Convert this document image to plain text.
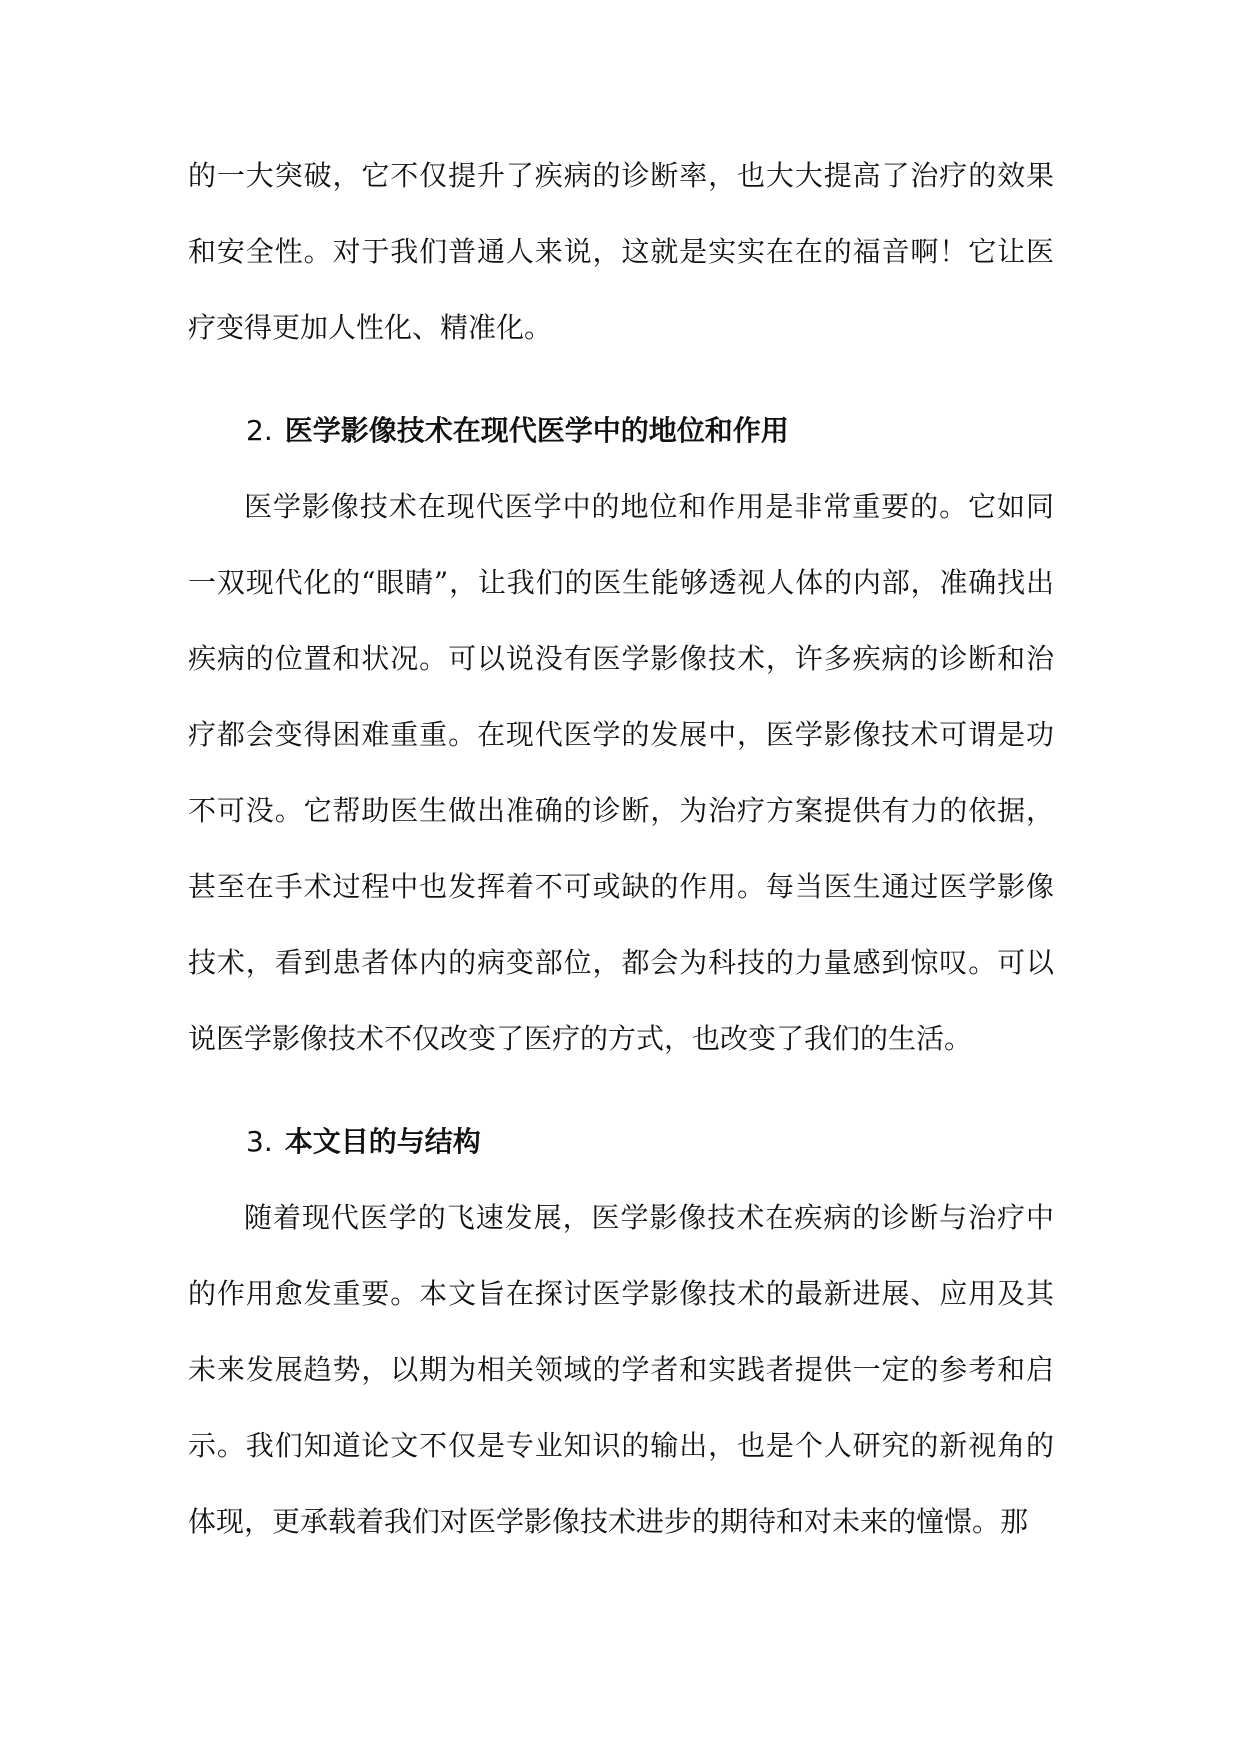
的一大突破，它不仅提升了疾病的诊断率，也大大提高了治疗的效果和安全性。对于我们普通人来说，这就是实实在在的福音啊！它让医疗变得更加人性化、精准化。

2. 医学影像技术在现代医学中的地位和作用

医学影像技术在现代医学中的地位和作用是非常重要的。它如同一双现代化的“眼睛”，让我们的医生能够透视人体的内部，准确找出疾病的位置和状况。可以说没有医学影像技术，许多疾病的诊断和治疗都会变得困难重重。在现代医学的发展中，医学影像技术可谓是功不可没。它帮助医生做出准确的诊断，为治疗方案提供有力的依据，甚至在手术过程中也发挥着不可或缺的作用。每当医生通过医学影像技术，看到患者体内的病变部位，都会为科技的力量感到惊叹。可以说医学影像技术不仅改变了医疗的方式，也改变了我们的生活。

3. 本文目的与结构

随着现代医学的飞速发展，医学影像技术在疾病的诊断与治疗中的作用愈发重要。本文旨在探讨医学影像技术的最新进展、应用及其未来发展趋势，以期为相关领域的学者和实践者提供一定的参考和启示。我们知道论文不仅是专业知识的输出，也是个人研究的新视角的体现，更承载着我们对医学影像技术进步的期待和对未来的憧憬。那
